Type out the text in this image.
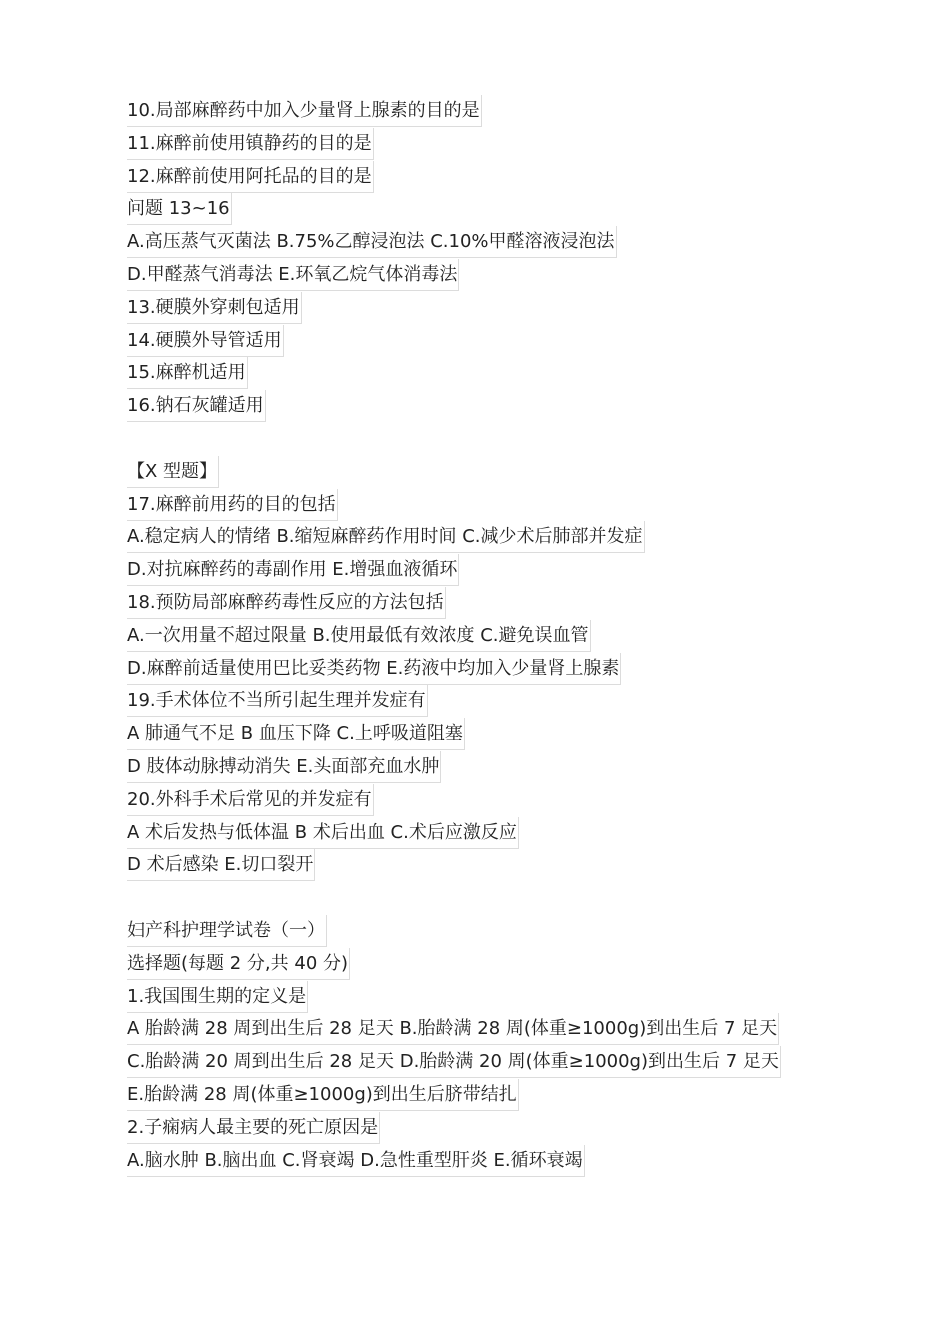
10.局部麻醉药中加入少量肾上腺素的目的是
11.麻醉前使用镇静药的目的是
12.麻醉前使用阿托品的目的是
问题 13~16
A.高压蒸气灭菌法 B.75%乙醇浸泡法 C.10%甲醛溶液浸泡法
D.甲醛蒸气消毒法 E.环氧乙烷气体消毒法
13.硬膜外穿刺包适用
14.硬膜外导管适用
15.麻醉机适用
16.钠石灰罐适用
【X 型题】
17.麻醉前用药的目的包括
A.稳定病人的情绪 B.缩短麻醉药作用时间 C.减少术后肺部并发症
D.对抗麻醉药的毒副作用 E.增强血液循环
18.预防局部麻醉药毒性反应的方法包括
A.一次用量不超过限量 B.使用最低有效浓度 C.避免误血管
D.麻醉前适量使用巴比妥类药物 E.药液中均加入少量肾上腺素
19.手术体位不当所引起生理并发症有
A 肺通气不足 B 血压下降 C.上呼吸道阻塞
D 肢体动脉搏动消失 E.头面部充血水肿
20.外科手术后常见的并发症有
A 术后发热与低体温 B 术后出血 C.术后应激反应
D 术后感染 E.切口裂开
妇产科护理学试卷（一）
选择题(每题 2 分,共 40 分)
1.我国围生期的定义是
A 胎龄满 28 周到出生后 28 足天 B.胎龄满 28 周(体重≥1000g)到出生后 7 足天
C.胎龄满 20 周到出生后 28 足天 D.胎龄满 20 周(体重≥1000g)到出生后 7 足天
E.胎龄满 28 周(体重≥1000g)到出生后脐带结扎
2.子痫病人最主要的死亡原因是
A.脑水肿 B.脑出血 C.肾衰竭 D.急性重型肝炎 E.循环衰竭
